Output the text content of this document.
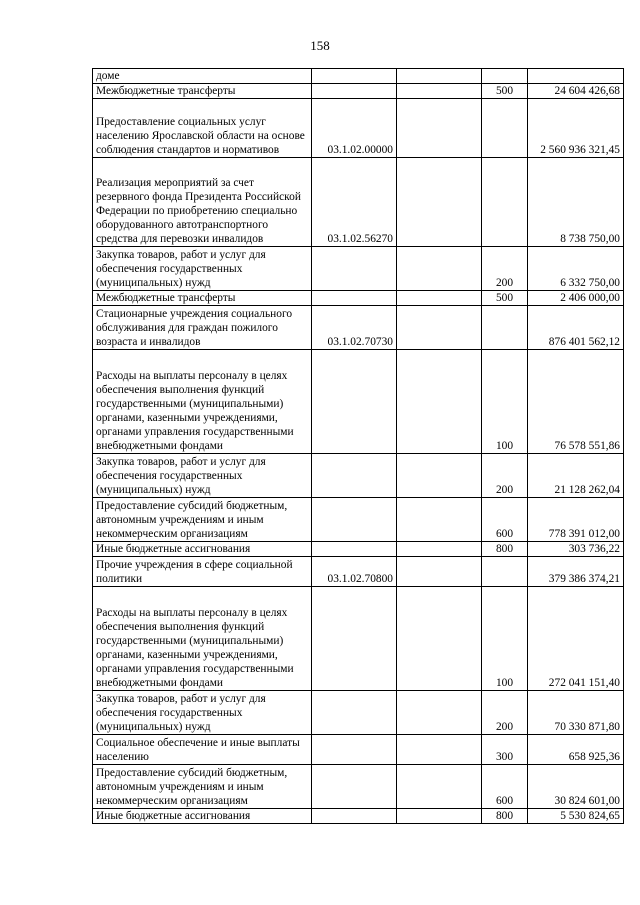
158
доме				
Межбюджетные трансферты			500	24 604 426,68
Предоставление социальных услуг населению Ярославской области на основе соблюдения стандартов и нормативов	03.1.02.00000			2 560 936 321,45
Реализация мероприятий за счет резервного фонда Президента Российской Федерации по приобретению специально оборудованного автотранспортного средства для перевозки инвалидов	03.1.02.56270			8 738 750,00
Закупка товаров, работ и услуг для обеспечения государственных (муниципальных) нужд			200	6 332 750,00
Межбюджетные трансферты			500	2 406 000,00
Стационарные учреждения социального обслуживания для граждан пожилого возраста и инвалидов	03.1.02.70730			876 401 562,12
Расходы на выплаты персоналу в целях обеспечения выполнения функций государственными (муниципальными) органами, казенными учреждениями, органами управления государственными внебюджетными фондами			100	76 578 551,86
Закупка товаров, работ и услуг для обеспечения государственных (муниципальных) нужд			200	21 128 262,04
Предоставление субсидий бюджетным, автономным учреждениям и иным некоммерческим организациям			600	778 391 012,00
Иные бюджетные ассигнования			800	303 736,22
Прочие учреждения в сфере социальной политики	03.1.02.70800			379 386 374,21
Расходы на выплаты персоналу в целях обеспечения выполнения функций государственными (муниципальными) органами, казенными учреждениями, органами управления государственными внебюджетными фондами			100	272 041 151,40
Закупка товаров, работ и услуг для обеспечения государственных (муниципальных) нужд			200	70 330 871,80
Социальное обеспечение и иные выплаты населению			300	658 925,36
Предоставление субсидий бюджетным, автономным учреждениям и иным некоммерческим организациям			600	30 824 601,00
Иные бюджетные ассигнования			800	5 530 824,65
